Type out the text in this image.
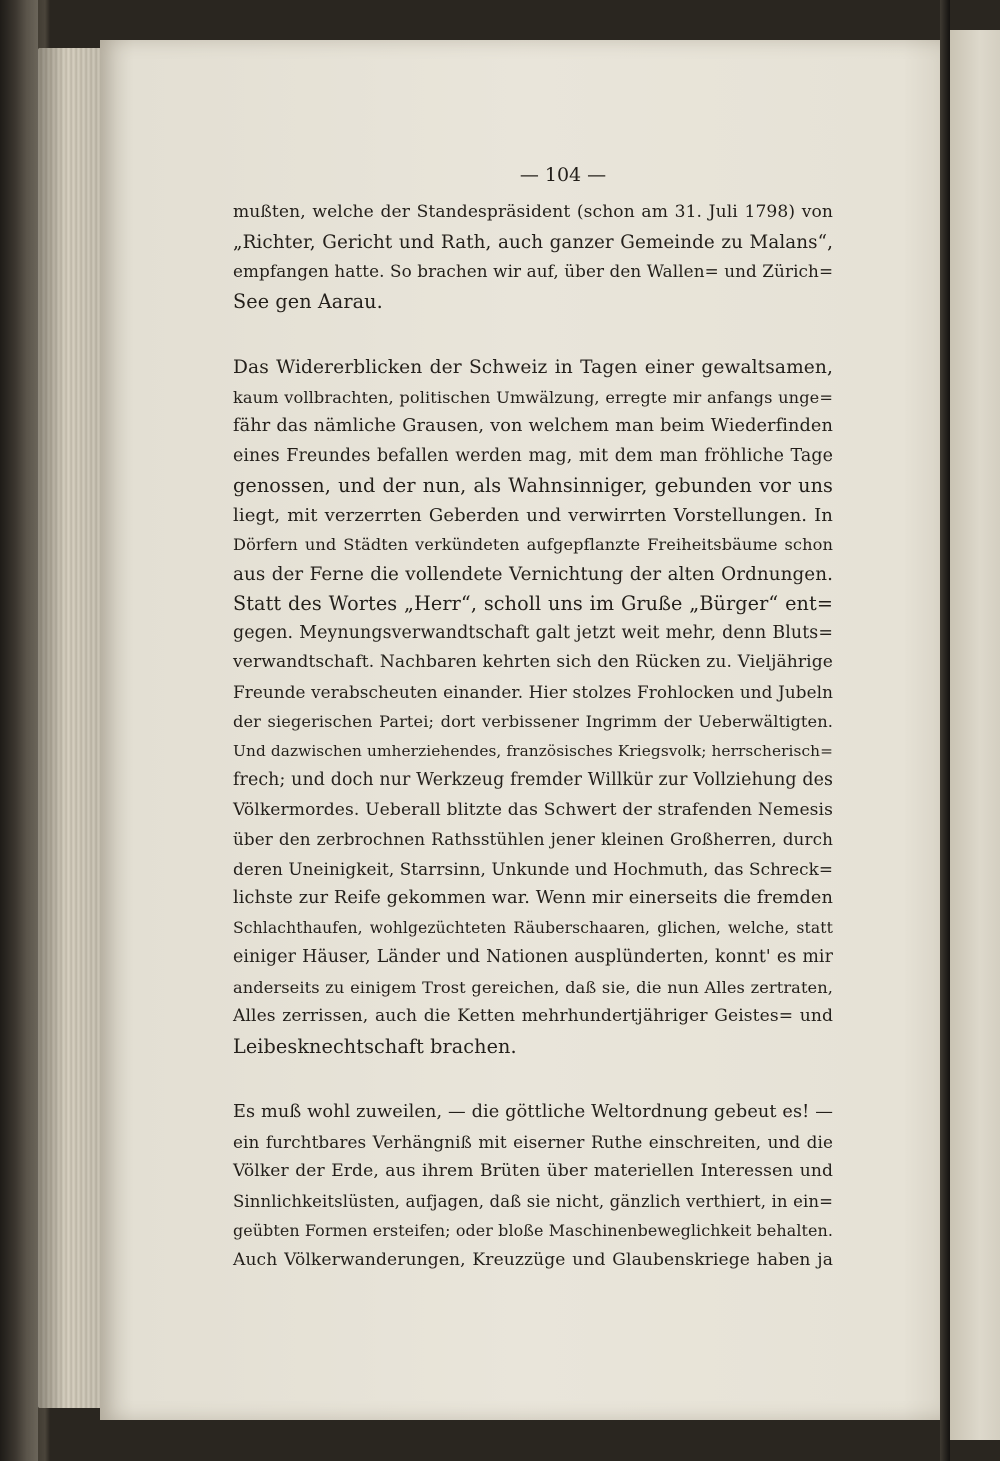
— 104 —
mußten, welche der Standespräsident (schon am 31. Juli 1798) von
„Richter, Gericht und Rath, auch ganzer Gemeinde zu Malans“,
empfangen hatte. So brachen wir auf, über den Wallen= und Zürich=
See gen Aarau.
Das Widererblicken der Schweiz in Tagen einer gewaltsamen,
kaum vollbrachten, politischen Umwälzung, erregte mir anfangs unge=
fähr das nämliche Grausen, von welchem man beim Wiederfinden
eines Freundes befallen werden mag, mit dem man fröhliche Tage
genossen, und der nun, als Wahnsinniger, gebunden vor uns
liegt, mit verzerrten Geberden und verwirrten Vorstellungen. In
Dörfern und Städten verkündeten aufgepflanzte Freiheitsbäume schon
aus der Ferne die vollendete Vernichtung der alten Ordnungen.
Statt des Wortes „Herr“, scholl uns im Gruße „Bürger“ ent=
gegen. Meynungsverwandtschaft galt jetzt weit mehr, denn Bluts=
verwandtschaft. Nachbaren kehrten sich den Rücken zu. Vieljährige
Freunde verabscheuten einander. Hier stolzes Frohlocken und Jubeln
der siegerischen Partei; dort verbissener Ingrimm der Ueberwältigten.
Und dazwischen umherziehendes, französisches Kriegsvolk; herrscherisch=
frech; und doch nur Werkzeug fremder Willkür zur Vollziehung des
Völkermordes. Ueberall blitzte das Schwert der strafenden Nemesis
über den zerbrochnen Rathsstühlen jener kleinen Großherren, durch
deren Uneinigkeit, Starrsinn, Unkunde und Hochmuth, das Schreck=
lichste zur Reife gekommen war. Wenn mir einerseits die fremden
Schlachthaufen, wohlgezüchteten Räuberschaaren, glichen, welche, statt
einiger Häuser, Länder und Nationen ausplünderten, konnt' es mir
anderseits zu einigem Trost gereichen, daß sie, die nun Alles zertraten,
Alles zerrissen, auch die Ketten mehrhundertjähriger Geistes= und
Leibesknechtschaft brachen.
Es muß wohl zuweilen, — die göttliche Weltordnung gebeut es! —
ein furchtbares Verhängniß mit eiserner Ruthe einschreiten, und die
Völker der Erde, aus ihrem Brüten über materiellen Interessen und
Sinnlichkeitslüsten, aufjagen, daß sie nicht, gänzlich verthiert, in ein=
geübten Formen ersteifen; oder bloße Maschinenbeweglichkeit behalten.
Auch Völkerwanderungen, Kreuzzüge und Glaubenskriege haben ja
